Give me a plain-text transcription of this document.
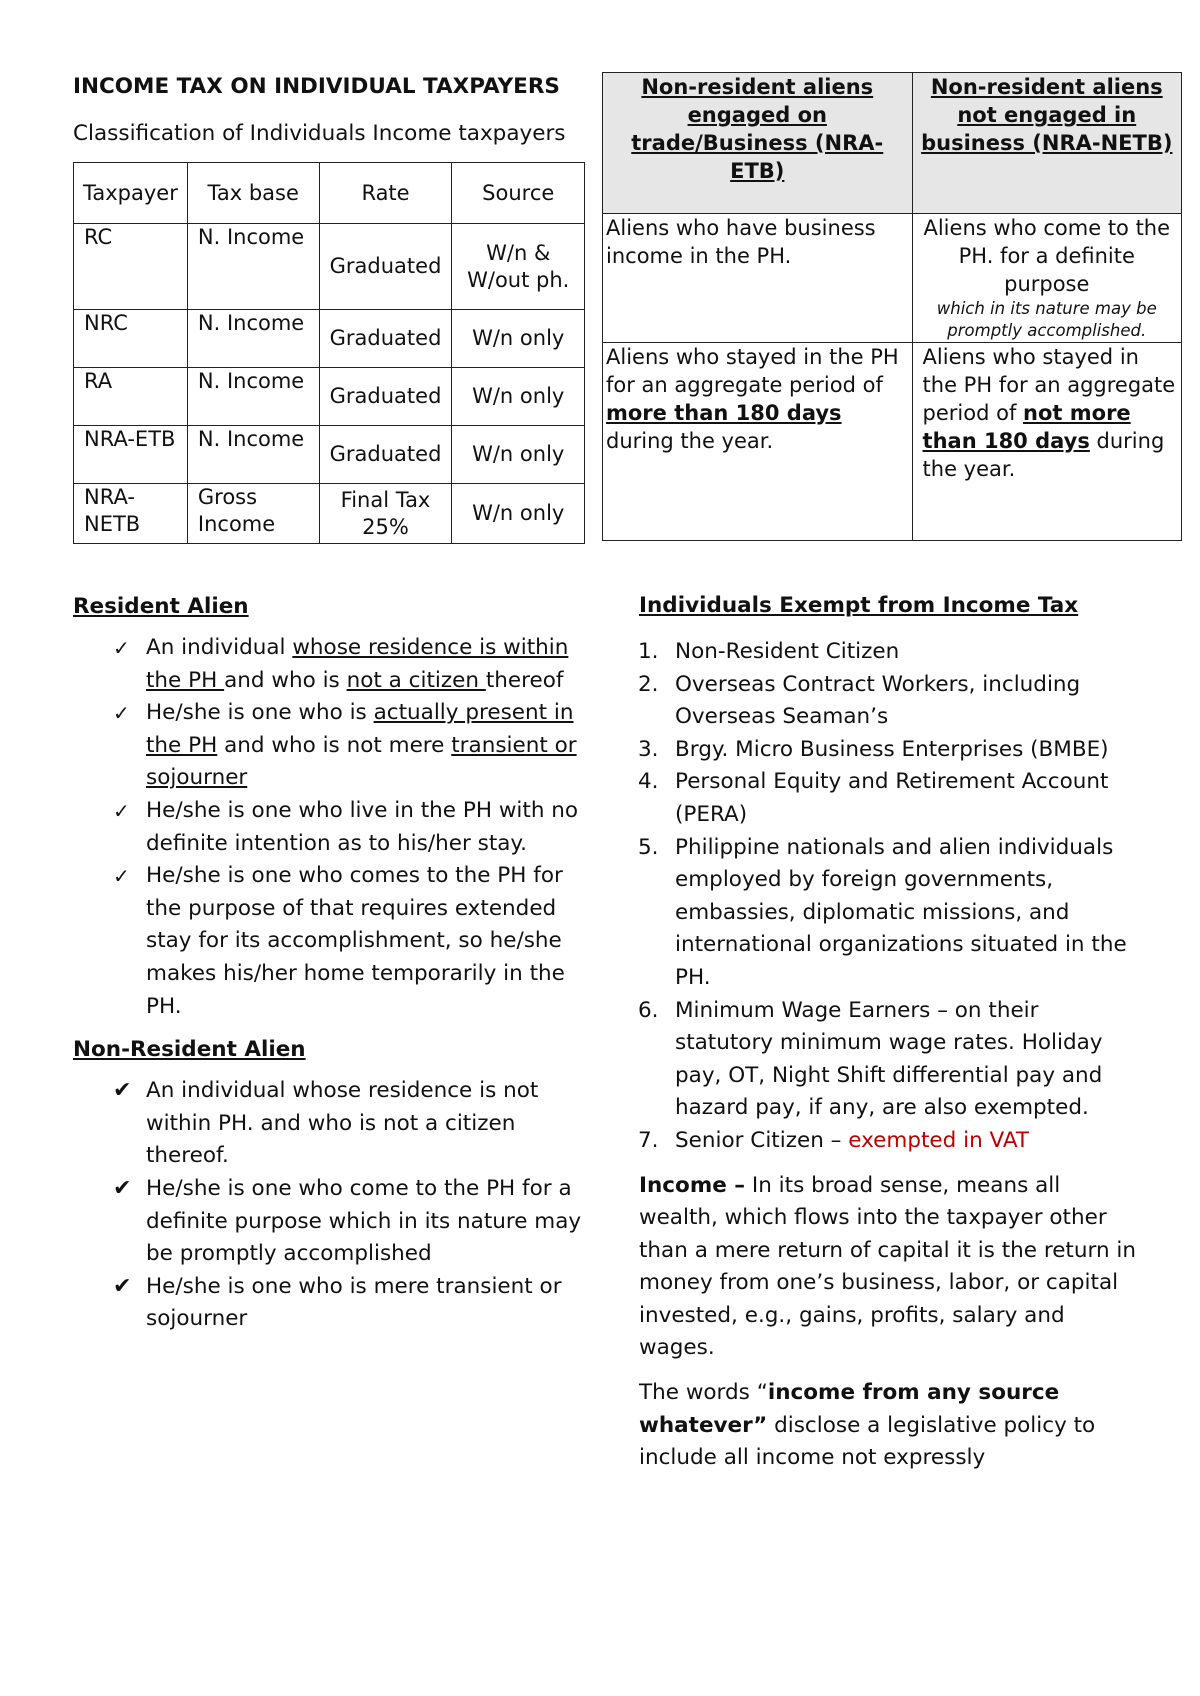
INCOME TAX ON INDIVIDUAL TAXPAYERS

Classification of Individuals Income taxpayers

Taxpayer	Tax base	Rate	Source
RC	N. Income	Graduated	W/n & W/out ph.
NRC	N. Income	Graduated	W/n only
RA	N. Income	Graduated	W/n only
NRA-ETB	N. Income	Graduated	W/n only
NRA-NETB	Gross Income	Final Tax 25%	W/n only

Resident Alien

✓ An individual whose residence is within the PH and who is not a citizen thereof
✓ He/she is one who is actually present in the PH and who is not mere transient or sojourner
✓ He/she is one who live in the PH with no definite intention as to his/her stay.
✓ He/she is one who comes to the PH for the purpose of that requires extended stay for its accomplishment, so he/she makes his/her home temporarily in the PH.

Non-Resident Alien

✔ An individual whose residence is not within PH. and who is not a citizen thereof.
✔ He/she is one who come to the PH for a definite purpose which in its nature may be promptly accomplished
✔ He/she is one who is mere transient or sojourner
Non-resident aliens engaged on trade/Business (NRA-ETB)	Non-resident aliens not engaged in business (NRA-NETB)
Aliens who have business income in the PH.	Aliens who come to the PH. for a definite purpose
which in its nature may be promptly accomplished.

Aliens who stayed in the PH for an aggregate period of more than 180 days during the year.	Aliens who stayed in the PH for an aggregate period of not more than 180 days during the year.

Individuals Exempt from Income Tax

1. Non-Resident Citizen
2. Overseas Contract Workers, including Overseas Seaman’s
3. Brgy. Micro Business Enterprises (BMBE)
4. Personal Equity and Retirement Account (PERA)
5. Philippine nationals and alien individuals employed by foreign governments, embassies, diplomatic missions, and international organizations situated in the PH.
6. Minimum Wage Earners – on their statutory minimum wage rates. Holiday pay, OT, Night Shift differential pay and hazard pay, if any, are also exempted.
7. Senior Citizen – exempted in VAT

Income – In its broad sense, means all wealth, which flows into the taxpayer other than a mere return of capital it is the return in money from one’s business, labor, or capital invested, e.g., gains, profits, salary and wages.

The words “income from any source whatever” disclose a legislative policy to include all income not expressly
